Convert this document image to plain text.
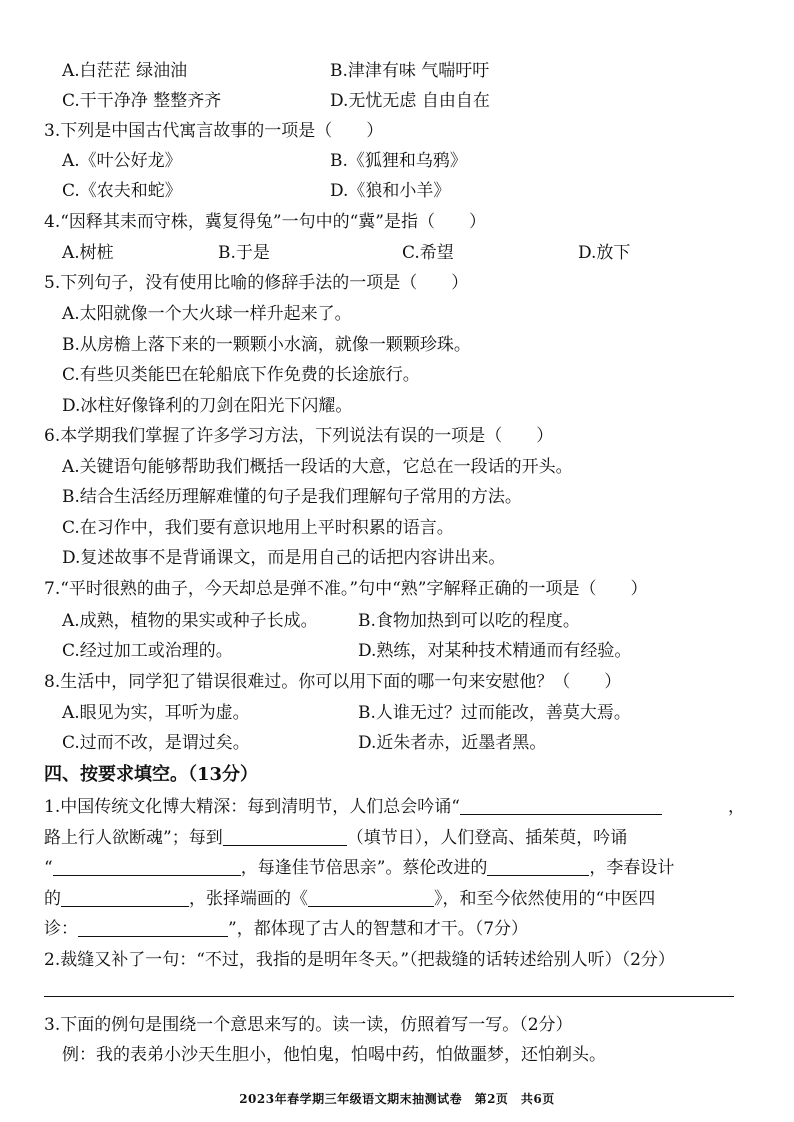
A.白茫茫 绿油油	B.津津有味 气喘吁吁
C.干干净净 整整齐齐	D.无忧无虑 自由自在
3.下列是中国古代寓言故事的一项是（　　）
A.《叶公好龙》	B.《狐狸和乌鸦》
C.《农夫和蛇》	D.《狼和小羊》
4.“因释其耒而守株，冀复得兔”一句中的“冀”是指（　　）
A.树桩	B.于是	C.希望	D.放下
5.下列句子，没有使用比喻的修辞手法的一项是（　　）
A.太阳就像一个大火球一样升起来了。
B.从房檐上落下来的一颗颗小水滴，就像一颗颗珍珠。
C.有些贝类能巴在轮船底下作免费的长途旅行。
D.冰柱好像锋利的刀剑在阳光下闪耀。
6.本学期我们掌握了许多学习方法，下列说法有误的一项是（　　）
A.关键语句能够帮助我们概括一段话的大意，它总在一段话的开头。
B.结合生活经历理解难懂的句子是我们理解句子常用的方法。
C.在习作中，我们要有意识地用上平时积累的语言。
D.复述故事不是背诵课文，而是用自己的话把内容讲出来。
7.“平时很熟的曲子，今天却总是弹不准。”句中“熟”字解释正确的一项是（　　）
A.成熟，植物的果实或种子长成。 B.食物加热到可以吃的程度。
C.经过加工或治理的。	D.熟练，对某种技术精通而有经验。
8.生活中，同学犯了错误很难过。你可以用下面的哪一句来安慰他？（　　）
A.眼见为实，耳听为虚。	B.人谁无过？过而能改，善莫大焉。
C.过而不改，是谓过矣。	D.近朱者赤，近墨者黑。
四、按要求填空。（13分）
1.中国传统文化博大精深：每到清明节，人们总会吟诵“	，
路上行人欲断魂”；每到	（填节日），人们登高、插茱萸，吟诵
“	，每逢佳节倍思亲”。蔡伦改进的	，李春设计
的	，张择端画的《	》，和至今依然使用的“中医四
诊：	”，都体现了古人的智慧和才干。（7分）
2.裁缝又补了一句：“不过，我指的是明年冬天。”（把裁缝的话转述给别人听）（2分）
3.下面的例句是围绕一个意思来写的。读一读，仿照着写一写。（2分）
例：我的表弟小沙天生胆小，他怕鬼，怕喝中药，怕做噩梦，还怕剃头。
2023年春学期三年级语文期末抽测试卷　第2页　共6页
